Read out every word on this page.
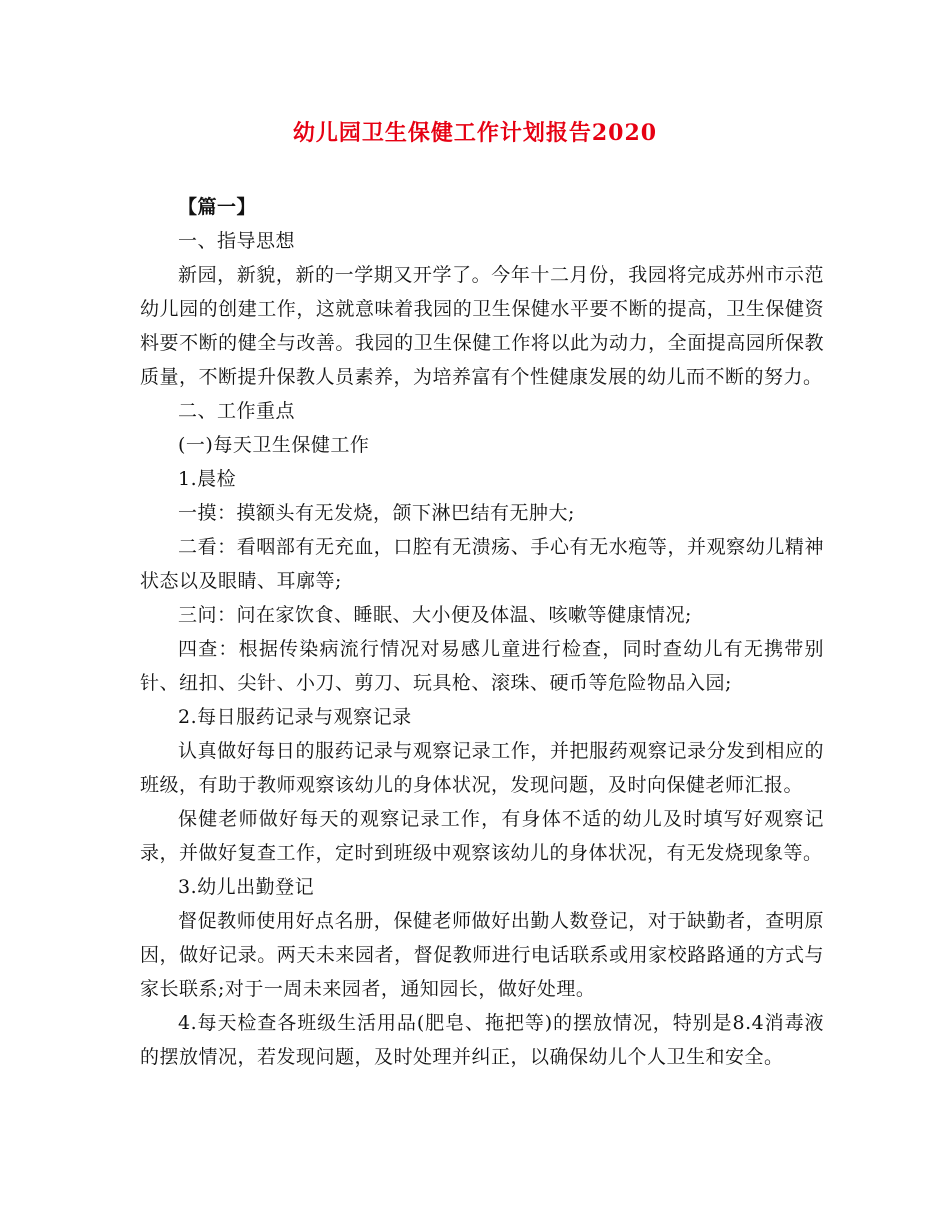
幼儿园卫生保健工作计划报告2020

【篇一】

一、指导思想

新园，新貌，新的一学期又开学了。今年十二月份，我园将完成苏州市示范幼儿园的创建工作，这就意味着我园的卫生保健水平要不断的提高，卫生保健资料要不断的健全与改善。我园的卫生保健工作将以此为动力，全面提高园所保教质量，不断提升保教人员素养，为培养富有个性健康发展的幼儿而不断的努力。

二、工作重点

(一)每天卫生保健工作

1.晨检

一摸：摸额头有无发烧，颌下淋巴结有无肿大;

二看：看咽部有无充血，口腔有无溃疡、手心有无水疱等，并观察幼儿精神状态以及眼睛、耳廓等;

三问：问在家饮食、睡眠、大小便及体温、咳嗽等健康情况;

四查：根据传染病流行情况对易感儿童进行检查，同时查幼儿有无携带别针、纽扣、尖针、小刀、剪刀、玩具枪、滚珠、硬币等危险物品入园;

2.每日服药记录与观察记录

认真做好每日的服药记录与观察记录工作，并把服药观察记录分发到相应的班级，有助于教师观察该幼儿的身体状况，发现问题，及时向保健老师汇报。

保健老师做好每天的观察记录工作，有身体不适的幼儿及时填写好观察记录，并做好复查工作，定时到班级中观察该幼儿的身体状况，有无发烧现象等。

3.幼儿出勤登记

督促教师使用好点名册，保健老师做好出勤人数登记，对于缺勤者，查明原因，做好记录。两天未来园者，督促教师进行电话联系或用家校路路通的方式与家长联系;对于一周未来园者，通知园长，做好处理。

4.每天检查各班级生活用品(肥皂、拖把等)的摆放情况，特别是8.4消毒液的摆放情况，若发现问题，及时处理并纠正，以确保幼儿个人卫生和安全。
